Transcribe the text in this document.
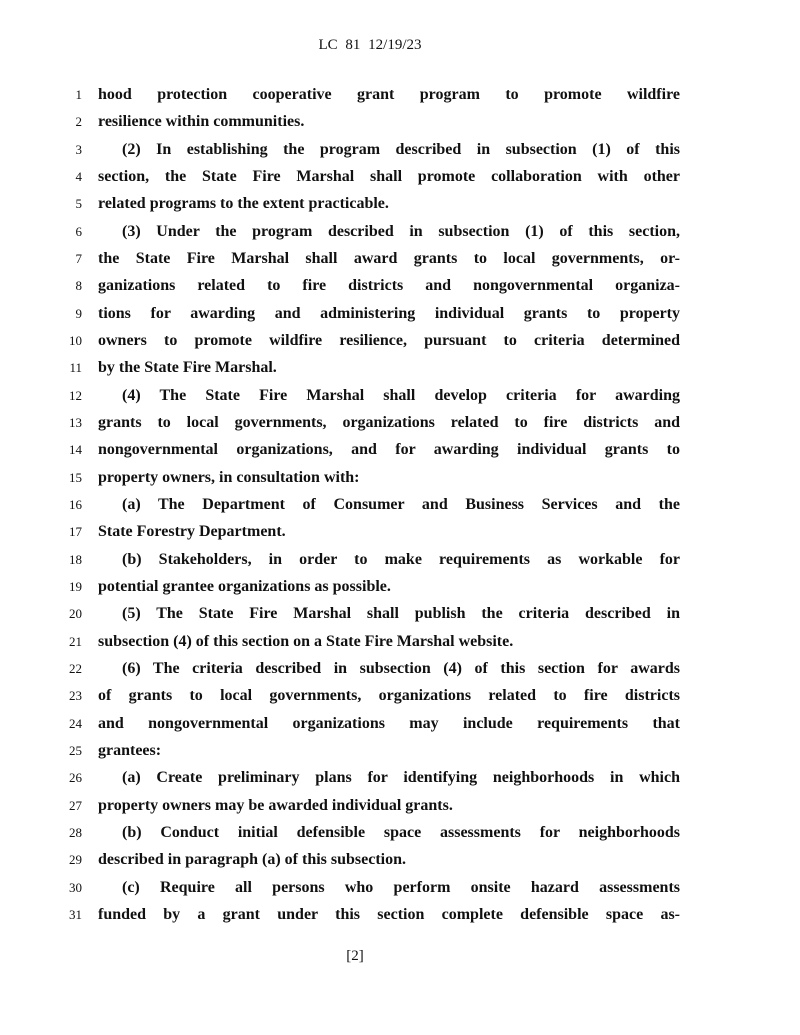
LC 81 12/19/23
1 hood protection cooperative grant program to promote wildfire
2 resilience within communities.
3	(2) In establishing the program described in subsection (1) of this
4 section, the State Fire Marshal shall promote collaboration with other
5 related programs to the extent practicable.
6	(3) Under the program described in subsection (1) of this section,
7 the State Fire Marshal shall award grants to local governments, or-
8 ganizations related to fire districts and nongovernmental organiza-
9 tions for awarding and administering individual grants to property
10 owners to promote wildfire resilience, pursuant to criteria determined
11 by the State Fire Marshal.
12	(4) The State Fire Marshal shall develop criteria for awarding
13 grants to local governments, organizations related to fire districts and
14 nongovernmental organizations, and for awarding individual grants to
15 property owners, in consultation with:
16	(a) The Department of Consumer and Business Services and the
17 State Forestry Department.
18	(b) Stakeholders, in order to make requirements as workable for
19 potential grantee organizations as possible.
20	(5) The State Fire Marshal shall publish the criteria described in
21 subsection (4) of this section on a State Fire Marshal website.
22	(6) The criteria described in subsection (4) of this section for awards
23 of grants to local governments, organizations related to fire districts
24 and nongovernmental organizations may include requirements that
25 grantees:
26	(a) Create preliminary plans for identifying neighborhoods in which
27 property owners may be awarded individual grants.
28	(b) Conduct initial defensible space assessments for neighborhoods
29 described in paragraph (a) of this subsection.
30	(c) Require all persons who perform onsite hazard assessments
31 funded by a grant under this section complete defensible space as-
[2]
